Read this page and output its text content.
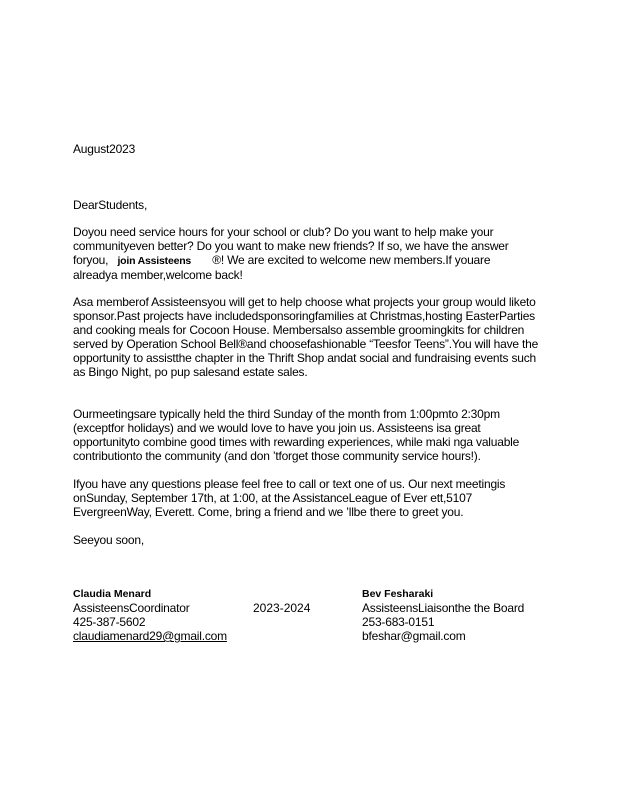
August2023
DearStudents,
Doyou need service hours for your school or club? Do you want to help make your communityeven better? Do you want to make new friends? If so, we have the answer foryou, join Assisteens ®! We are excited to welcome new members.If youare alreadya member,welcome back!
Asa memberof Assisteensyou will get to help choose what projects your group would liketo sponsor.Past projects have includedsponsoringfamilies at Christmas,hosting EasterParties and cooking meals for Cocoon House. Membersalso assemble groomingkits for children served by Operation School Bell®and choosefashionable “Teesfor Teens”.You will have the opportunity to assistthe chapter in the Thrift Shop andat social and fundraising events such as Bingo Night, po pup salesand estate sales.
Ourmeetingsare typically held the third Sunday of the month from 1:00pmto 2:30pm (exceptfor holidays) and we would love to have you join us. Assisteens isa great opportunityto combine good times with rewarding experiences, while maki nga valuable contributionto the community (and don ’tforget those community service hours!).
Ifyou have any questions please feel free to call or text one of us. Our next meetingis onSunday, September 17th, at 1:00, at the AssistanceLeague of Ever ett,5107 EvergreenWay, Everett. Come, bring a friend and we ’llbe there to greet you.
Seeyou soon,
Claudia Menard
AssisteensCoordinator
425-387-5602
claudiamenard29@gmail.com
2023-2024
Bev Fesharaki
AssisteensLiaisonthe the Board
253-683-0151
bfeshar@gmail.com
